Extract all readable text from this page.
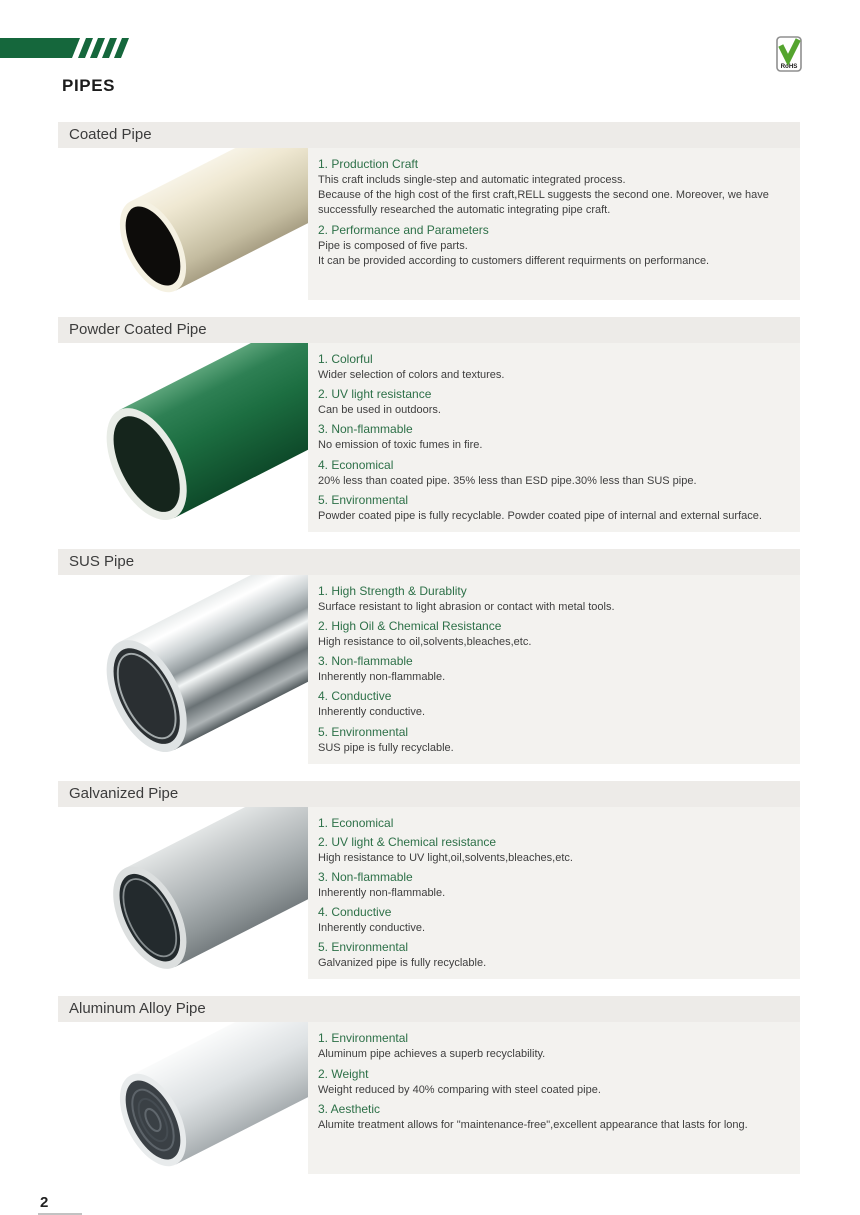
RoHS
PIPES
Coated Pipe
1. Production Craft
This craft includs single-step and automatic integrated process.
Because of the high cost of the first craft,RELL suggests the second one. Moreover, we have successfully researched the automatic integrating pipe craft.
2. Performance and Parameters
Pipe is composed of five parts.
It can be provided according to customers different requirments on performance.
Powder Coated Pipe
1. Colorful
Wider selection of colors and textures.
2. UV light resistance
Can be used in outdoors.
3. Non-flammable
No emission of toxic fumes in fire.
4. Economical
20% less than coated pipe. 35% less than ESD pipe.30% less than SUS pipe.
5. Environmental
Powder coated pipe is fully recyclable. Powder coated pipe of internal and external surface.
SUS Pipe
1. High Strength & Durablity
Surface resistant to light abrasion or contact with metal tools.
2. High Oil & Chemical Resistance
High resistance to oil,solvents,bleaches,etc.
3. Non-flammable
Inherently non-flammable.
4. Conductive
Inherently conductive.
5. Environmental
SUS pipe is fully recyclable.
Galvanized Pipe
1. Economical
2. UV light & Chemical resistance
High resistance to UV light,oil,solvents,bleaches,etc.
3. Non-flammable
Inherently non-flammable.
4. Conductive
Inherently conductive.
5. Environmental
Galvanized pipe is fully recyclable.
Aluminum Alloy Pipe
1. Environmental
Aluminum pipe achieves a superb recyclability.
2. Weight
Weight reduced by 40% comparing with steel coated pipe.
3. Aesthetic
Alumite treatment allows for "maintenance-free",excellent appearance that lasts for long.
2
